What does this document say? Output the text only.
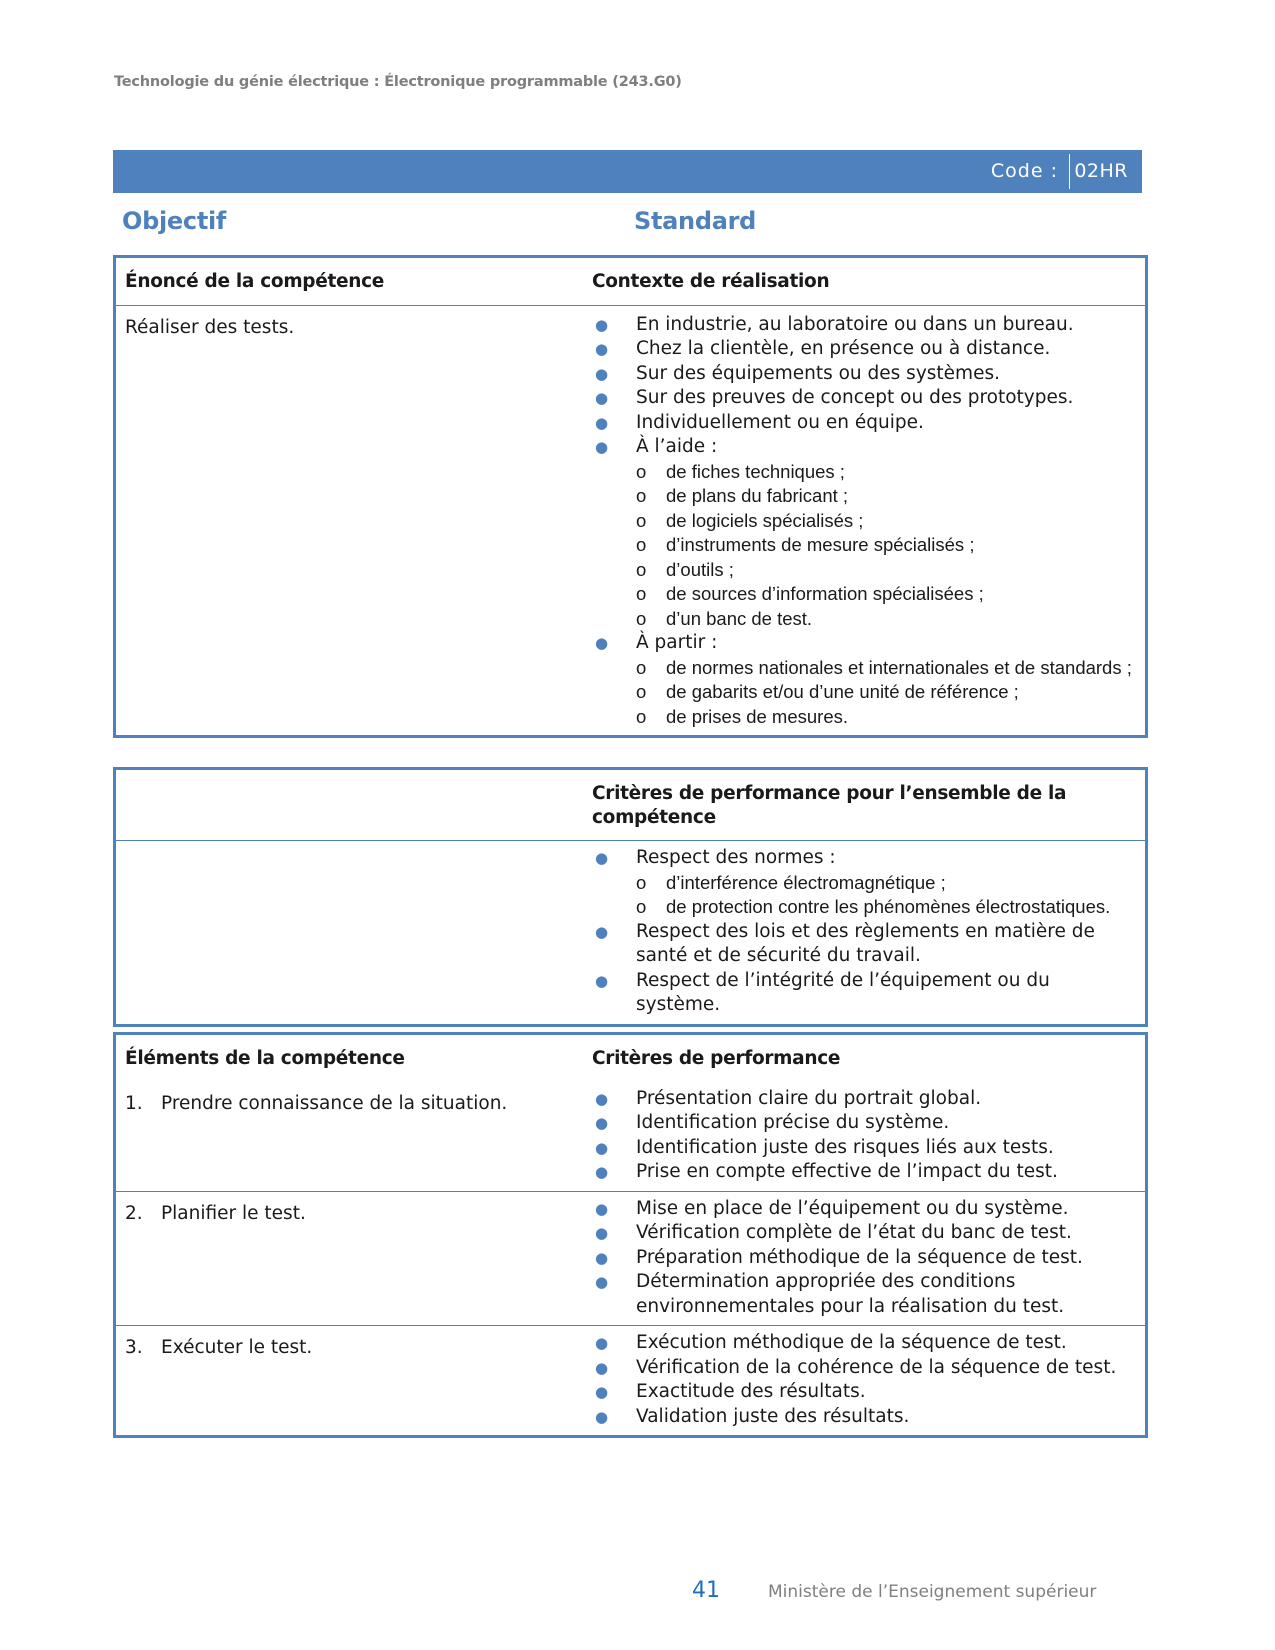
Technologie du génie électrique : Électronique programmable (243.G0)
Code : 02HR
Objectif	Standard
Énoncé de la compétence	Contexte de réalisation
Réaliser des tests.	● En industrie, au laboratoire ou dans un bureau.
● Chez la clientèle, en présence ou à distance.
● Sur des équipements ou des systèmes.
● Sur des preuves de concept ou des prototypes.
● Individuellement ou en équipe.
● À l’aide :
o de fiches techniques ;
o de plans du fabricant ;
o de logiciels spécialisés ;
o d’instruments de mesure spécialisés ;
o d’outils ;
o de sources d’information spécialisées ;
o d’un banc de test.
● À partir :
o de normes nationales et internationales et de standards ;
o de gabarits et/ou d’une unité de référence ;
o de prises de mesures.
Critères de performance pour l’ensemble de la compétence
● Respect des normes :
o d’interférence électromagnétique ;
o de protection contre les phénomènes électrostatiques.
● Respect des lois et des règlements en matière de santé et de sécurité du travail.
● Respect de l’intégrité de l’équipement ou du système.
Éléments de la compétence	Critères de performance
1. Prendre connaissance de la situation.	● Présentation claire du portrait global.
● Identification précise du système.
● Identification juste des risques liés aux tests.
● Prise en compte effective de l’impact du test.
2. Planifier le test.	● Mise en place de l’équipement ou du système.
● Vérification complète de l’état du banc de test.
● Préparation méthodique de la séquence de test.
● Détermination appropriée des conditions environnementales pour la réalisation du test.
3. Exécuter le test.	● Exécution méthodique de la séquence de test.
● Vérification de la cohérence de la séquence de test.
● Exactitude des résultats.
● Validation juste des résultats.
41	Ministère de l’Enseignement supérieur
